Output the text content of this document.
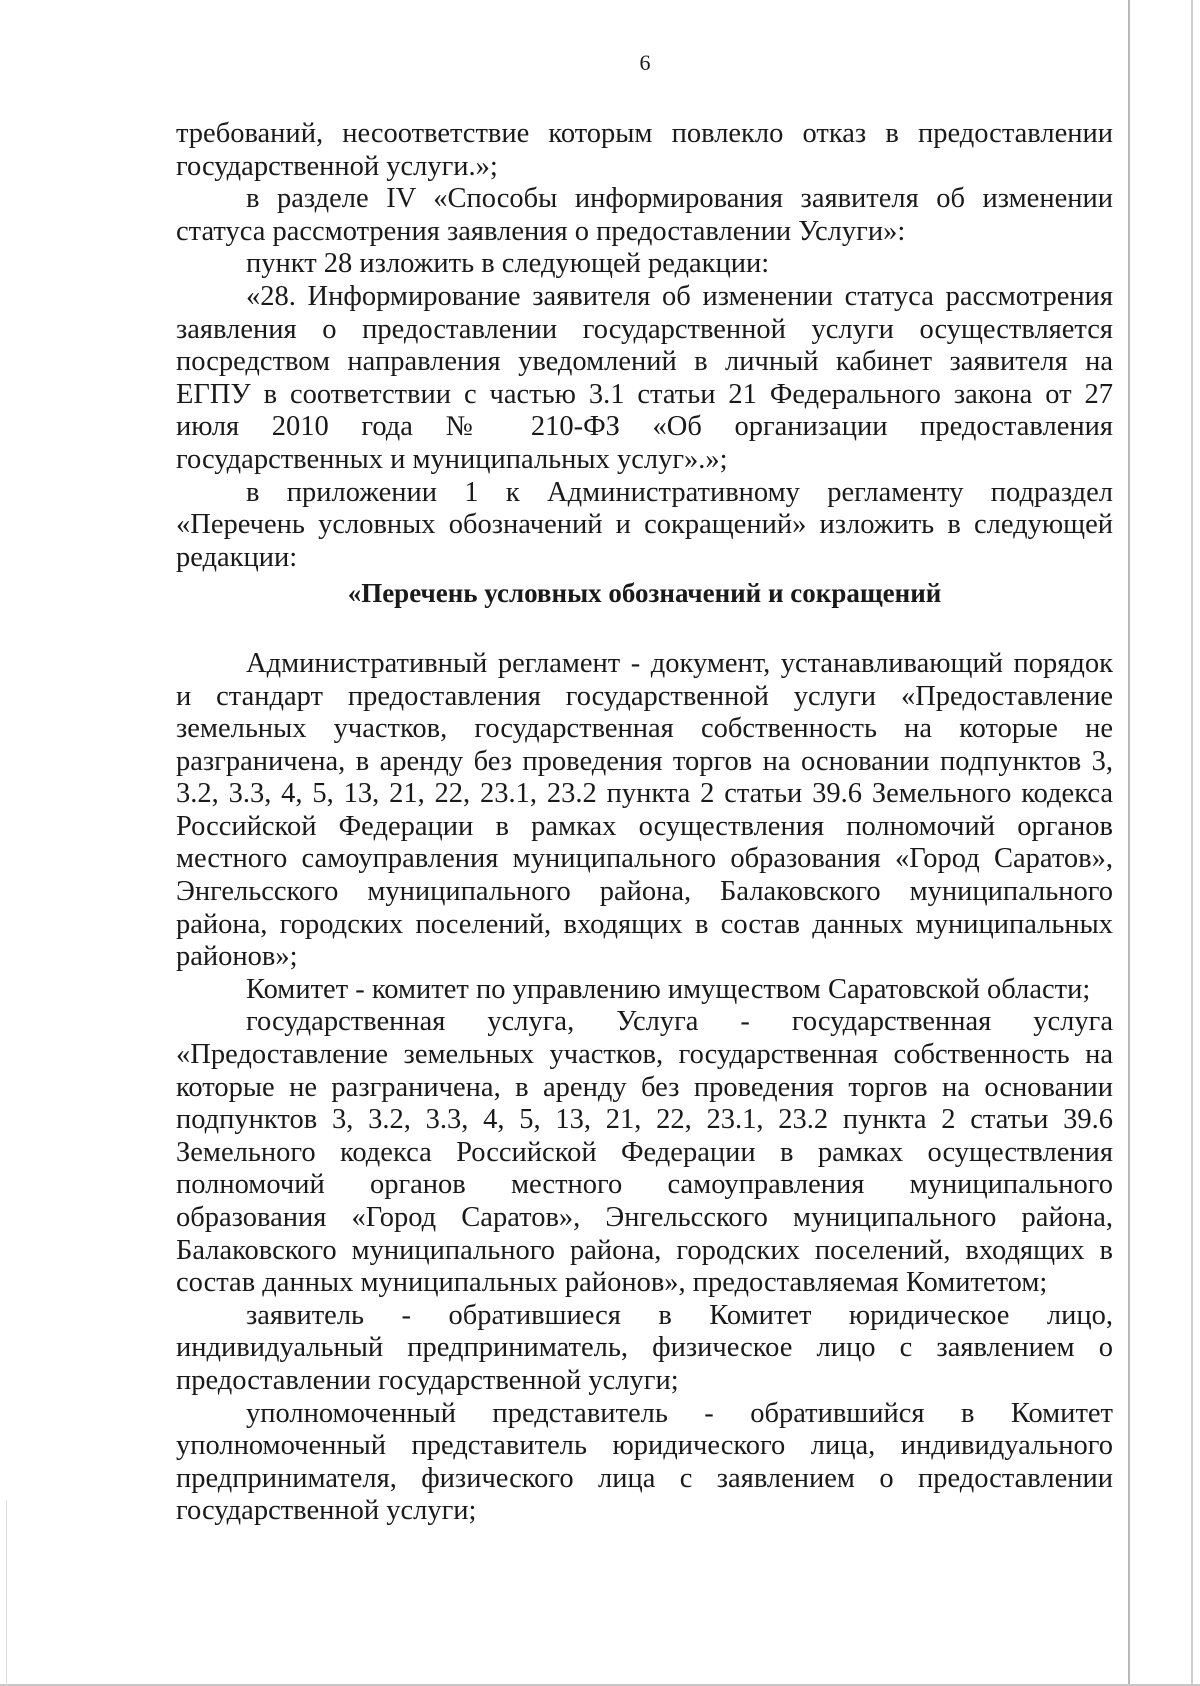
6

требований, несоответствие которым повлекло отказ в предоставлении государственной услуги.»;

в разделе IV «Способы информирования заявителя об изменении статуса рассмотрения заявления о предоставлении Услуги»:

пункт 28 изложить в следующей редакции:

«28. Информирование заявителя об изменении статуса рассмотрения заявления о предоставлении государственной услуги осуществляется посредством направления уведомлений в личный кабинет заявителя на ЕГПУ в соответствии с частью 3.1 статьи 21 Федерального закона от 27 июля 2010 года № 210-ФЗ «Об организации предоставления государственных и муниципальных услуг».»;

в приложении 1 к Административному регламенту подраздел «Перечень условных обозначений и сокращений» изложить в следующей редакции:

«Перечень условных обозначений и сокращений

Административный регламент - документ, устанавливающий порядок и стандарт предоставления государственной услуги «Предоставление земельных участков, государственная собственность на которые не разграничена, в аренду без проведения торгов на основании подпунктов 3, 3.2, 3.3, 4, 5, 13, 21, 22, 23.1, 23.2 пункта 2 статьи 39.6 Земельного кодекса Российской Федерации в рамках осуществления полномочий органов местного самоуправления муниципального образования «Город Саратов», Энгельсского муниципального района, Балаковского муниципального района, городских поселений, входящих в состав данных муниципальных районов»;

Комитет - комитет по управлению имуществом Саратовской области;

государственная услуга, Услуга - государственная услуга «Предоставление земельных участков, государственная собственность на которые не разграничена, в аренду без проведения торгов на основании подпунктов 3, 3.2, 3.3, 4, 5, 13, 21, 22, 23.1, 23.2 пункта 2 статьи 39.6 Земельного кодекса Российской Федерации в рамках осуществления полномочий органов местного самоуправления муниципального образования «Город Саратов», Энгельсского муниципального района, Балаковского муниципального района, городских поселений, входящих в состав данных муниципальных районов», предоставляемая Комитетом;

заявитель - обратившиеся в Комитет юридическое лицо, индивидуальный предприниматель, физическое лицо с заявлением о предоставлении государственной услуги;

уполномоченный представитель - обратившийся в Комитет уполномоченный представитель юридического лица, индивидуального предпринимателя, физического лица с заявлением о предоставлении государственной услуги;
